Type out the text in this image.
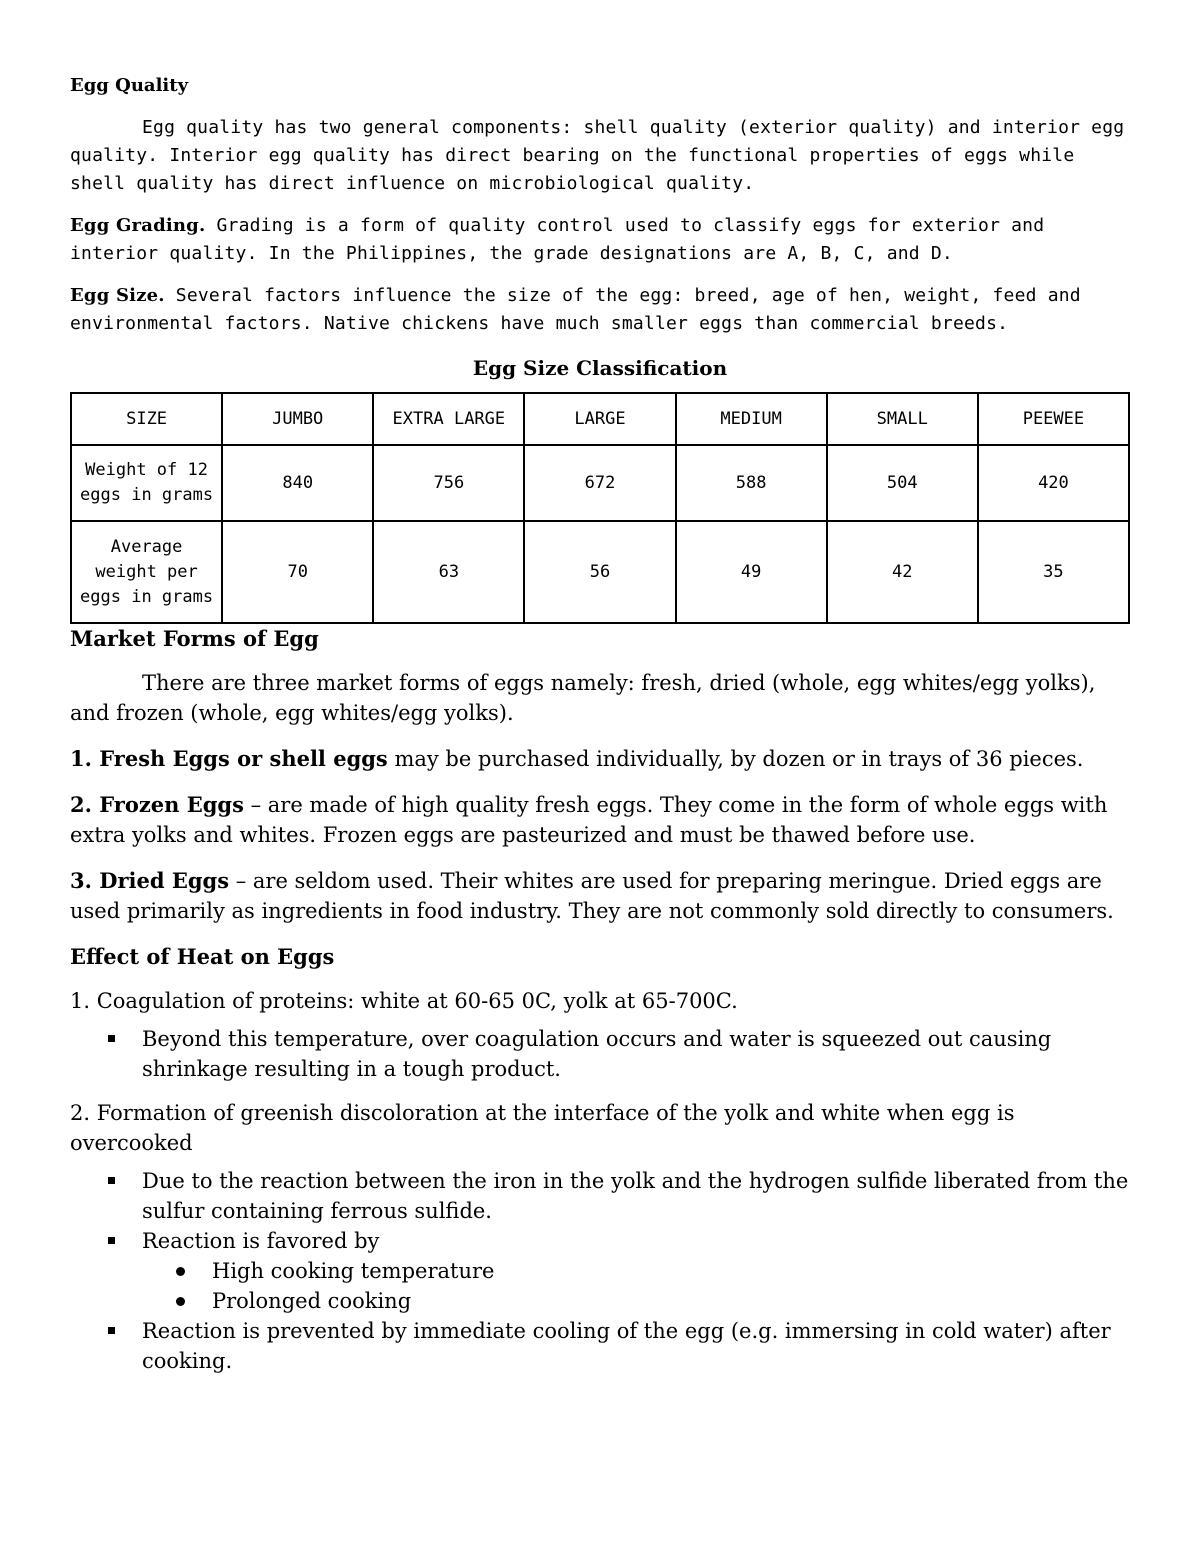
Egg Quality

Egg quality has two general components: shell quality (exterior quality) and interior egg quality. Interior egg quality has direct bearing on the functional properties of eggs while shell quality has direct influence on microbiological quality.

Egg Grading. Grading is a form of quality control used to classify eggs for exterior and interior quality. In the Philippines, the grade designations are A, B, C, and D.

Egg Size. Several factors influence the size of the egg: breed, age of hen, weight, feed and environmental factors. Native chickens have much smaller eggs than commercial breeds.

Egg Size Classification
SIZE	JUMBO	EXTRA LARGE	LARGE	MEDIUM	SMALL	PEEWEE
Weight of 12 eggs in grams	840	756	672	588	504	420
Average weight per eggs in grams	70	63	56	49	42	35
Market Forms of Egg

There are three market forms of eggs namely: fresh, dried (whole, egg whites/egg yolks), and frozen (whole, egg whites/egg yolks).

1. Fresh Eggs or shell eggs may be purchased individually, by dozen or in trays of 36 pieces.

2. Frozen Eggs – are made of high quality fresh eggs. They come in the form of whole eggs with extra yolks and whites. Frozen eggs are pasteurized and must be thawed before use.

3. Dried Eggs – are seldom used. Their whites are used for preparing meringue. Dried eggs are used primarily as ingredients in food industry. They are not commonly sold directly to consumers.

Effect of Heat on Eggs

1. Coagulation of proteins: white at 60-65 0C, yolk at 65-700C.

Beyond this temperature, over coagulation occurs and water is squeezed out causing shrinkage resulting in a tough product.

2. Formation of greenish discoloration at the interface of the yolk and white when egg is overcooked

Due to the reaction between the iron in the yolk and the hydrogen sulfide liberated from the sulfur containing ferrous sulfide.
Reaction is favored by
High cooking temperature
Prolonged cooking
Reaction is prevented by immediate cooling of the egg (e.g. immersing in cold water) after cooking.
